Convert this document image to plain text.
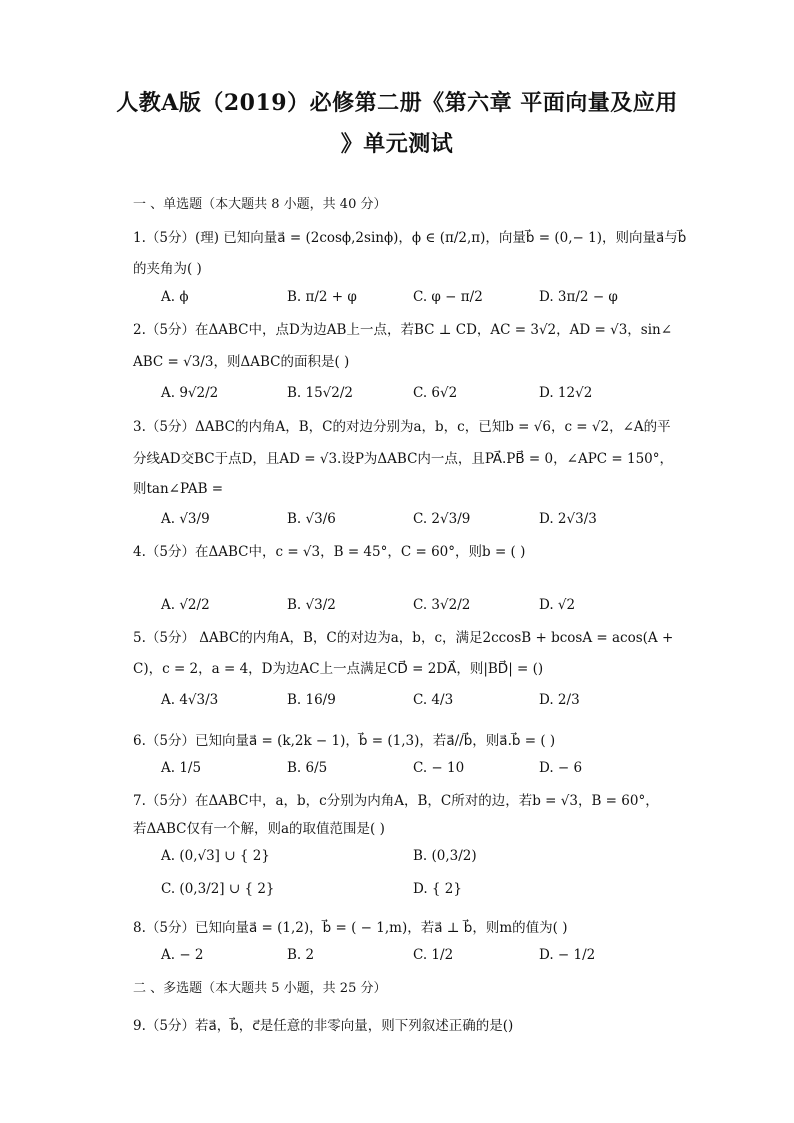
人教A版（2019）必修第二册《第六章 平面向量及应用
》单元测试
一 、单选题（本大题共 8 小题，共 40 分）
1.（5分）(理) 已知向量a⃗ = (2cosϕ,2sinϕ)，ϕ ∈ (π/2,π)，向量b⃗ = (0,− 1)，则向量a⃗与b⃗
的夹角为( )
A. ϕ	B. π/2 + φ	C. φ − π/2	D. 3π/2 − φ
2.（5分）在ΔABC中，点D为边AB上一点，若BC ⊥ CD，AC = 3√2，AD = √3，sin∠
ABC = √3/3，则ΔABC的面积是( )
A. 9√2/2	B. 15√2/2	C. 6√2	D. 12√2
3.（5分）ΔABC的内角A，B，C的对边分别为a，b，c，已知b = √6，c = √2，∠A的平
分线AD交BC于点D，且AD = √3.设P为ΔABC内一点，且PA⃗.PB⃗ = 0，∠APC = 150°，
则tan∠PAB =
A. √3/9	B. √3/6	C. 2√3/9	D. 2√3/3
4.（5分）在ΔABC中，c = √3，B = 45°，C = 60°，则b = ( )
A. √2/2	B. √3/2	C. 3√2/2	D. √2
5.（5分） ΔABC的内角A，B，C的对边为a，b，c，满足2ccosB + bcosA = acos(A +
C)，c = 2，a = 4，D为边AC上一点满足CD⃗ = 2DA⃗，则|BD⃗| = ()
A. 4√3/3	B. 16/9	C. 4/3	D. 2/3
6.（5分）已知向量a⃗ = (k,2k − 1)，b⃗ = (1,3)，若a⃗//b⃗，则a⃗.b⃗ = ( )
A. 1/5	B. 6/5	C. − 10	D. − 6
7.（5分）在ΔABC中，a，b，c分别为内角A，B，C所对的边，若b = √3，B = 60°，
若ΔABC仅有一个解，则a的取值范围是( )
A. (0,√3] ∪ { 2}	B. (0,3/2)
C. (0,3/2] ∪ { 2}	D. { 2}
8.（5分）已知向量a⃗ = (1,2)，b⃗ = ( − 1,m)，若a⃗ ⊥ b⃗，则m的值为( )
A. − 2	B. 2	C. 1/2	D. − 1/2
二 、多选题（本大题共 5 小题，共 25 分）
9.（5分）若a⃗，b⃗，c⃗是任意的非零向量，则下列叙述正确的是()
